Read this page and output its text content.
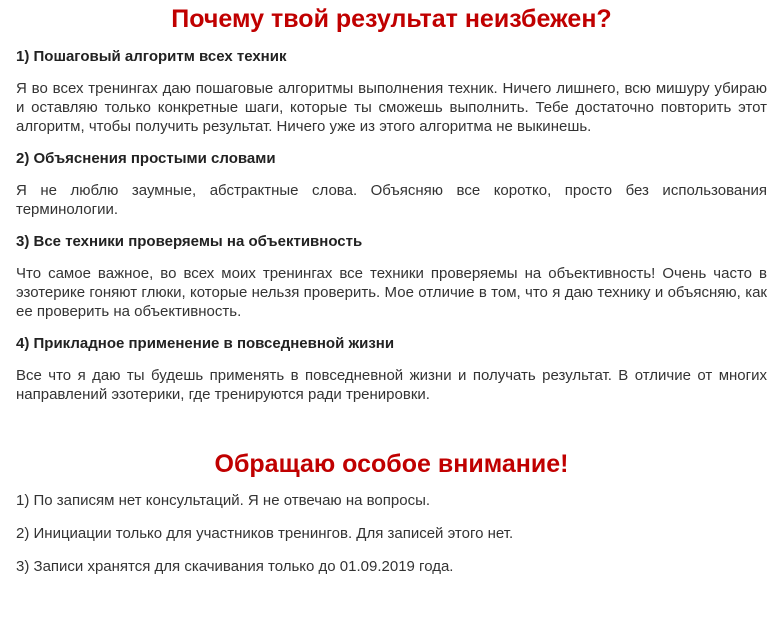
Почему твой результат неизбежен?
1) Пошаговый алгоритм всех техник

Я во всех тренингах даю пошаговые алгоритмы выполнения техник. Ничего лишнего, всю мишуру убираю и оставляю только конкретные шаги, которые ты сможешь выполнить. Тебе достаточно повторить этот алгоритм, чтобы получить результат. Ничего уже из этого алгоритма не выкинешь.

2) Объяснения простыми словами

Я не люблю заумные, абстрактные слова. Объясняю все коротко, просто без использования терминологии.

3) Все техники проверяемы на объективность

Что самое важное, во всех моих тренингах все техники проверяемы на объективность! Очень часто в эзотерике гоняют глюки, которые нельзя проверить. Мое отличие в том, что я даю технику и объясняю, как ее проверить на объективность.

4) Прикладное применение в повседневной жизни

Все что я даю ты будешь применять в повседневной жизни и получать результат. В отличие от многих направлений эзотерики, где тренируются ради тренировки.

Обращаю особое внимание!

1) По записям нет консультаций. Я не отвечаю на вопросы.

2) Инициации только для участников тренингов. Для записей этого нет.

3) Записи хранятся для скачивания только до 01.09.2019 года.
